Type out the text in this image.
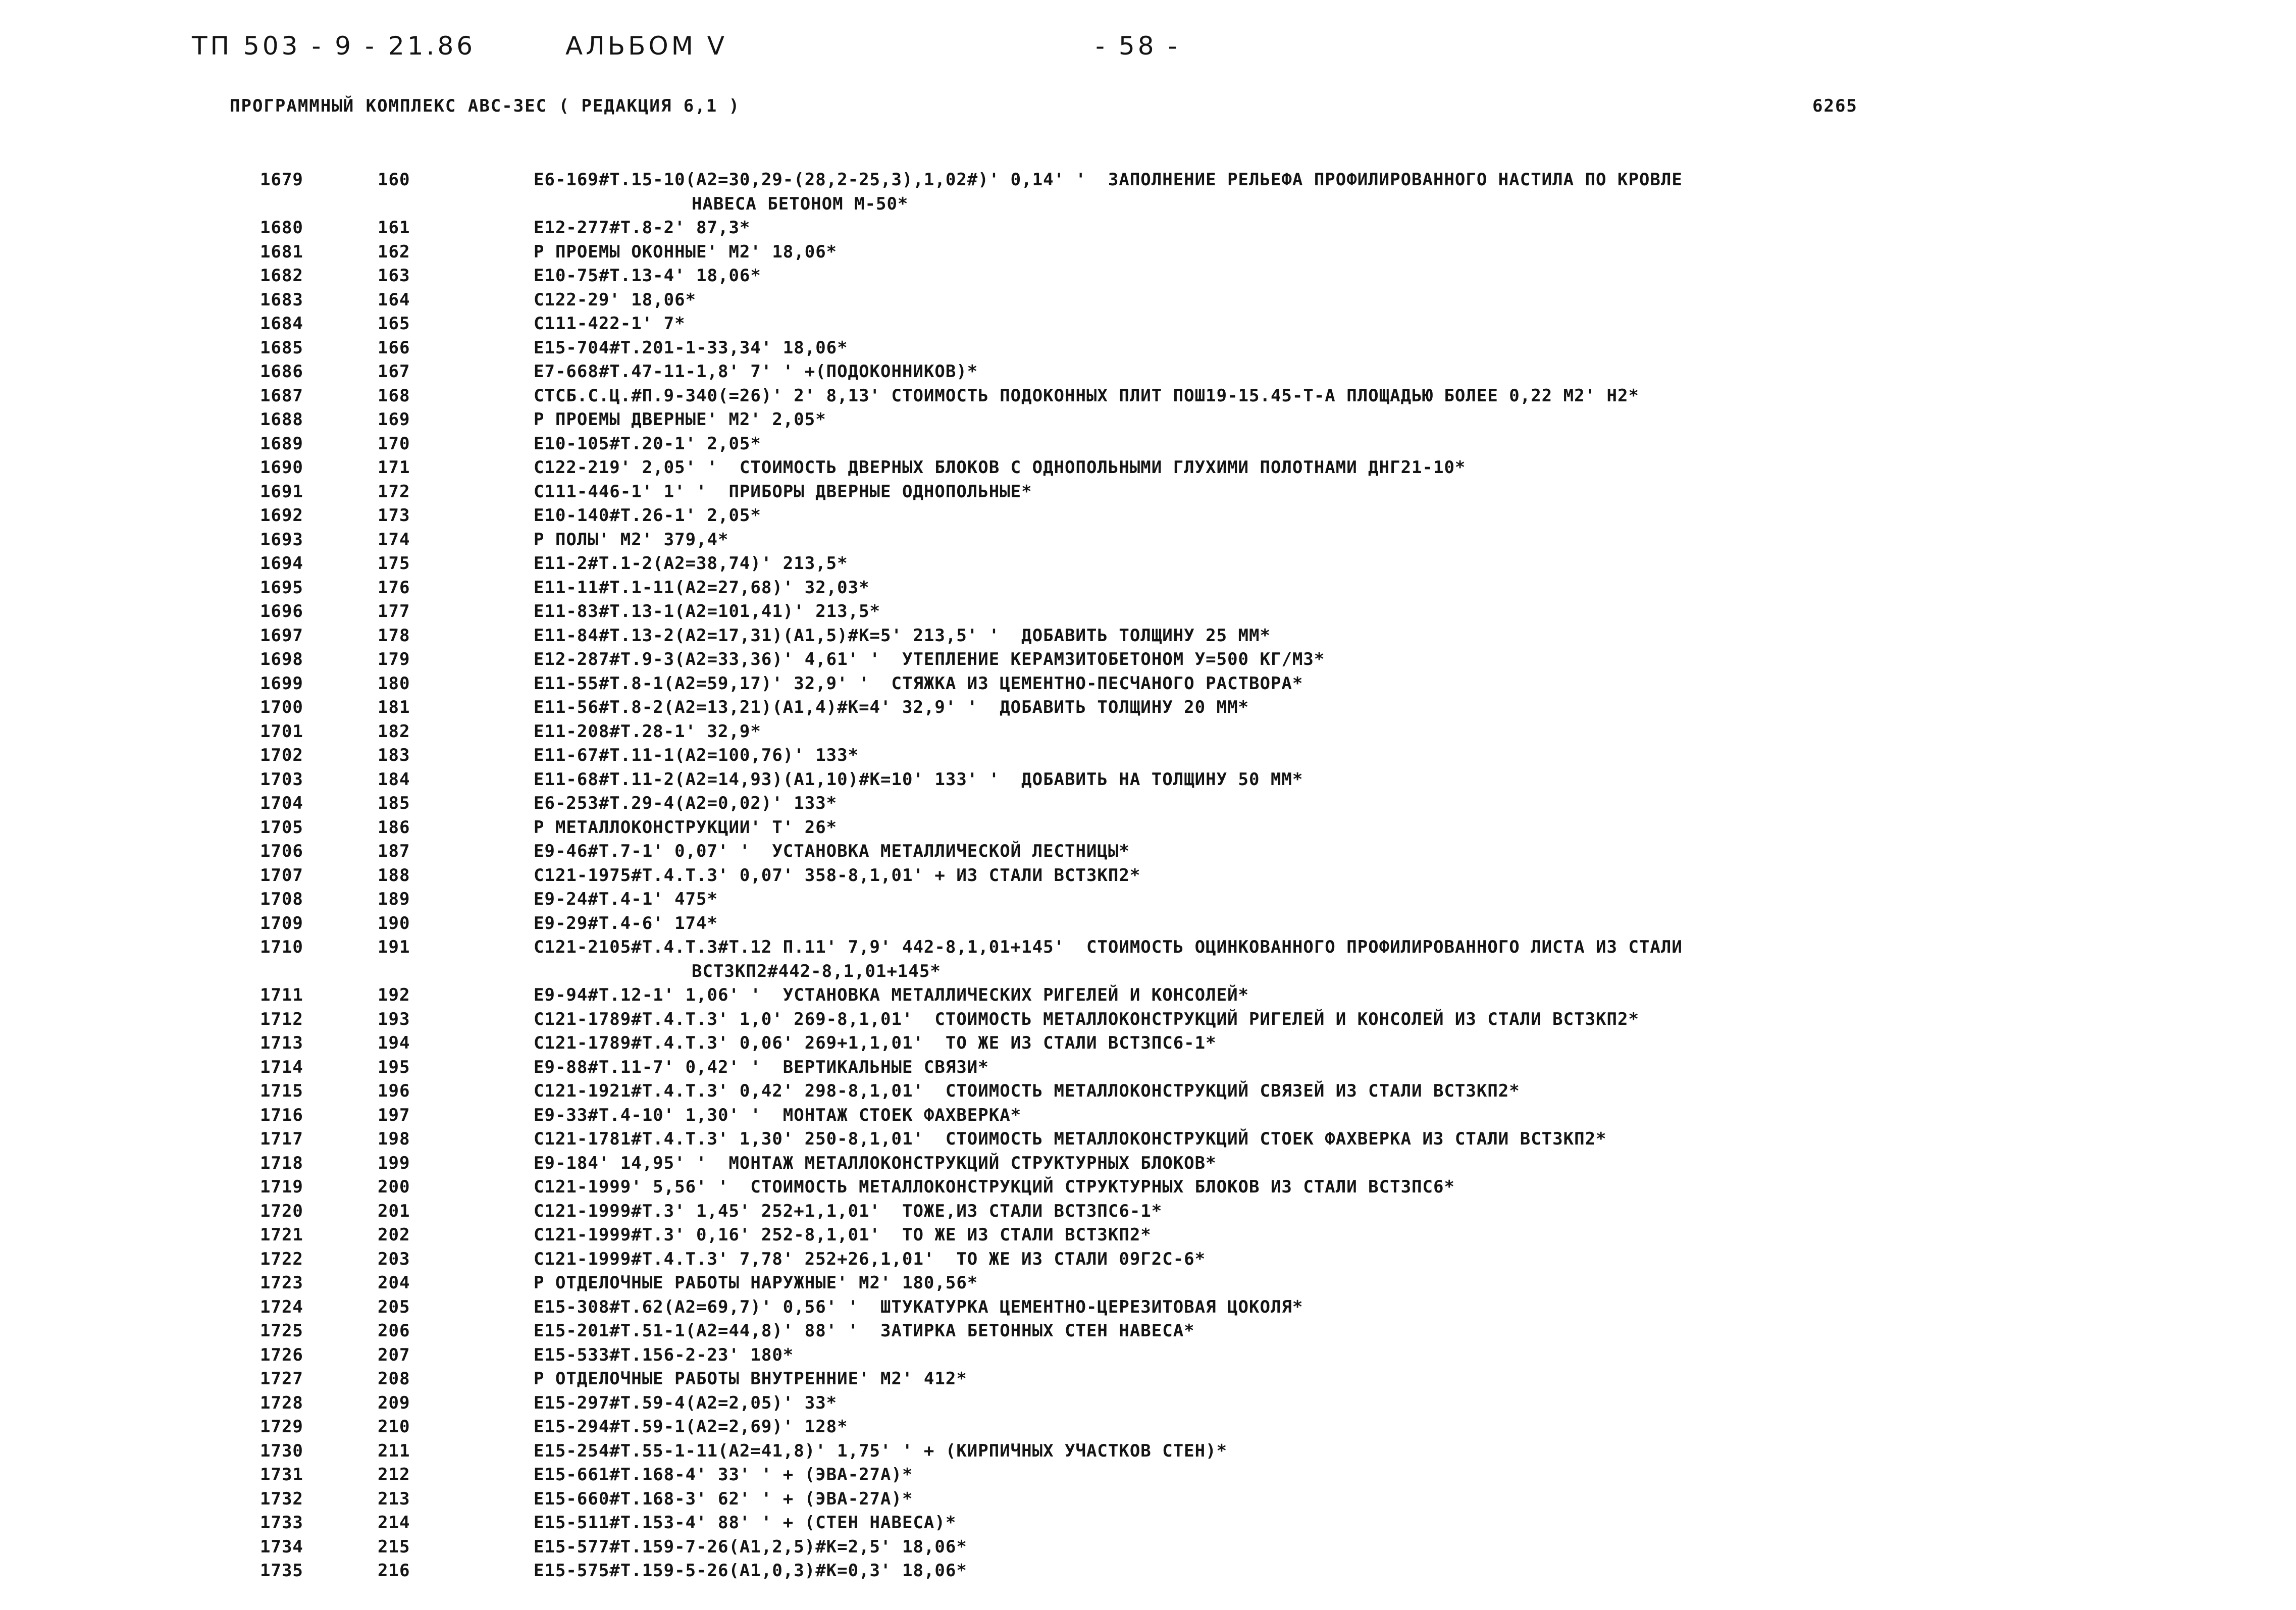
ТП 503 - 9 - 21.86	АЛЬБОМ V	- 58 -
ПРОГРАММНЫЙ КОМПЛЕКС АВС-3ЕС ( РЕДАКЦИЯ 6,1 )	6265
1679	160	Е6-169#Т.15-10(А2=30,29-(28,2-25,3),1,02#)' 0,14' '  ЗАПОЛНЕНИЕ РЕЛЬЕФА ПРОФИЛИРОВАННОГО НАСТИЛА ПО КРОВЛЕ
НАВЕСА БЕТОНОМ М-50*
1680	161	Е12-277#Т.8-2' 87,3*
1681	162	Р ПРОЕМЫ ОКОННЫЕ' М2' 18,06*
1682	163	Е10-75#Т.13-4' 18,06*
1683	164	С122-29' 18,06*
1684	165	С111-422-1' 7*
1685	166	Е15-704#Т.201-1-33,34' 18,06*
1686	167	Е7-668#Т.47-11-1,8' 7' ' +(ПОДОКОННИКОВ)*
1687	168	СТСБ.С.Ц.#П.9-340(=26)' 2' 8,13' СТОИМОСТЬ ПОДОКОННЫХ ПЛИТ ПОШ19-15.45-Т-А ПЛОЩАДЬЮ БОЛЕЕ 0,22 М2' Н2*
1688	169	Р ПРОЕМЫ ДВЕРНЫЕ' М2' 2,05*
1689	170	Е10-105#Т.20-1' 2,05*
1690	171	С122-219' 2,05' '  СТОИМОСТЬ ДВЕРНЫХ БЛОКОВ С ОДНОПОЛЬНЫМИ ГЛУХИМИ ПОЛОТНАМИ ДНГ21-10*
1691	172	С111-446-1' 1' '  ПРИБОРЫ ДВЕРНЫЕ ОДНОПОЛЬНЫЕ*
1692	173	Е10-140#Т.26-1' 2,05*
1693	174	Р ПОЛЫ' М2' 379,4*
1694	175	Е11-2#Т.1-2(А2=38,74)' 213,5*
1695	176	Е11-11#Т.1-11(А2=27,68)' 32,03*
1696	177	Е11-83#Т.13-1(А2=101,41)' 213,5*
1697	178	Е11-84#Т.13-2(А2=17,31)(А1,5)#К=5' 213,5' '  ДОБАВИТЬ ТОЛЩИНУ 25 ММ*
1698	179	Е12-287#Т.9-3(А2=33,36)' 4,61' '  УТЕПЛЕНИЕ КЕРАМЗИТОБЕТОНОМ У=500 КГ/М3*
1699	180	Е11-55#Т.8-1(А2=59,17)' 32,9' '  СТЯЖКА ИЗ ЦЕМЕНТНО-ПЕСЧАНОГО РАСТВОРА*
1700	181	Е11-56#Т.8-2(А2=13,21)(А1,4)#К=4' 32,9' '  ДОБАВИТЬ ТОЛЩИНУ 20 ММ*
1701	182	Е11-208#Т.28-1' 32,9*
1702	183	Е11-67#Т.11-1(А2=100,76)' 133*
1703	184	Е11-68#Т.11-2(А2=14,93)(А1,10)#К=10' 133' '  ДОБАВИТЬ НА ТОЛЩИНУ 50 ММ*
1704	185	Е6-253#Т.29-4(А2=0,02)' 133*
1705	186	Р МЕТАЛЛОКОНСТРУКЦИИ' Т' 26*
1706	187	Е9-46#Т.7-1' 0,07' '  УСТАНОВКА МЕТАЛЛИЧЕСКОЙ ЛЕСТНИЦЫ*
1707	188	С121-1975#Т.4.Т.3' 0,07' 358-8,1,01' + ИЗ СТАЛИ ВСТ3КП2*
1708	189	Е9-24#Т.4-1' 475*
1709	190	Е9-29#Т.4-6' 174*
1710	191	С121-2105#Т.4.Т.3#Т.12 П.11' 7,9' 442-8,1,01+145'  СТОИМОСТЬ ОЦИНКОВАННОГО ПРОФИЛИРОВАННОГО ЛИСТА ИЗ СТАЛИ
ВСТ3КП2#442-8,1,01+145*
1711	192	Е9-94#Т.12-1' 1,06' '  УСТАНОВКА МЕТАЛЛИЧЕСКИХ РИГЕЛЕЙ И КОНСОЛЕЙ*
1712	193	С121-1789#Т.4.Т.3' 1,0' 269-8,1,01'  СТОИМОСТЬ МЕТАЛЛОКОНСТРУКЦИЙ РИГЕЛЕЙ И КОНСОЛЕЙ ИЗ СТАЛИ ВСТ3КП2*
1713	194	С121-1789#Т.4.Т.3' 0,06' 269+1,1,01'  ТО ЖЕ ИЗ СТАЛИ ВСТ3ПС6-1*
1714	195	Е9-88#Т.11-7' 0,42' '  ВЕРТИКАЛЬНЫЕ СВЯЗИ*
1715	196	С121-1921#Т.4.Т.3' 0,42' 298-8,1,01'  СТОИМОСТЬ МЕТАЛЛОКОНСТРУКЦИЙ СВЯЗЕЙ ИЗ СТАЛИ ВСТ3КП2*
1716	197	Е9-33#Т.4-10' 1,30' '  МОНТАЖ СТОЕК ФАХВЕРКА*
1717	198	С121-1781#Т.4.Т.3' 1,30' 250-8,1,01'  СТОИМОСТЬ МЕТАЛЛОКОНСТРУКЦИЙ СТОЕК ФАХВЕРКА ИЗ СТАЛИ ВСТ3КП2*
1718	199	Е9-184' 14,95' '  МОНТАЖ МЕТАЛЛОКОНСТРУКЦИЙ СТРУКТУРНЫХ БЛОКОВ*
1719	200	С121-1999' 5,56' '  СТОИМОСТЬ МЕТАЛЛОКОНСТРУКЦИЙ СТРУКТУРНЫХ БЛОКОВ ИЗ СТАЛИ ВСТ3ПС6*
1720	201	С121-1999#Т.3' 1,45' 252+1,1,01'  ТОЖЕ,ИЗ СТАЛИ ВСТ3ПС6-1*
1721	202	С121-1999#Т.3' 0,16' 252-8,1,01'  ТО ЖЕ ИЗ СТАЛИ ВСТ3КП2*
1722	203	С121-1999#Т.4.Т.3' 7,78' 252+26,1,01'  ТО ЖЕ ИЗ СТАЛИ 09Г2С-6*
1723	204	Р ОТДЕЛОЧНЫЕ РАБОТЫ НАРУЖНЫЕ' М2' 180,56*
1724	205	Е15-308#Т.62(А2=69,7)' 0,56' '  ШТУКАТУРКА ЦЕМЕНТНО-ЦЕРЕЗИТОВАЯ ЦОКОЛЯ*
1725	206	Е15-201#Т.51-1(А2=44,8)' 88' '  ЗАТИРКА БЕТОННЫХ СТЕН НАВЕСА*
1726	207	Е15-533#Т.156-2-23' 180*
1727	208	Р ОТДЕЛОЧНЫЕ РАБОТЫ ВНУТРЕННИЕ' М2' 412*
1728	209	Е15-297#Т.59-4(А2=2,05)' 33*
1729	210	Е15-294#Т.59-1(А2=2,69)' 128*
1730	211	Е15-254#Т.55-1-11(А2=41,8)' 1,75' ' + (КИРПИЧНЫХ УЧАСТКОВ СТЕН)*
1731	212	Е15-661#Т.168-4' 33' ' + (ЭВА-27А)*
1732	213	Е15-660#Т.168-3' 62' ' + (ЭВА-27А)*
1733	214	Е15-511#Т.153-4' 88' ' + (СТЕН НАВЕСА)*
1734	215	Е15-577#Т.159-7-26(А1,2,5)#К=2,5' 18,06*
1735	216	Е15-575#Т.159-5-26(А1,0,3)#К=0,3' 18,06*
